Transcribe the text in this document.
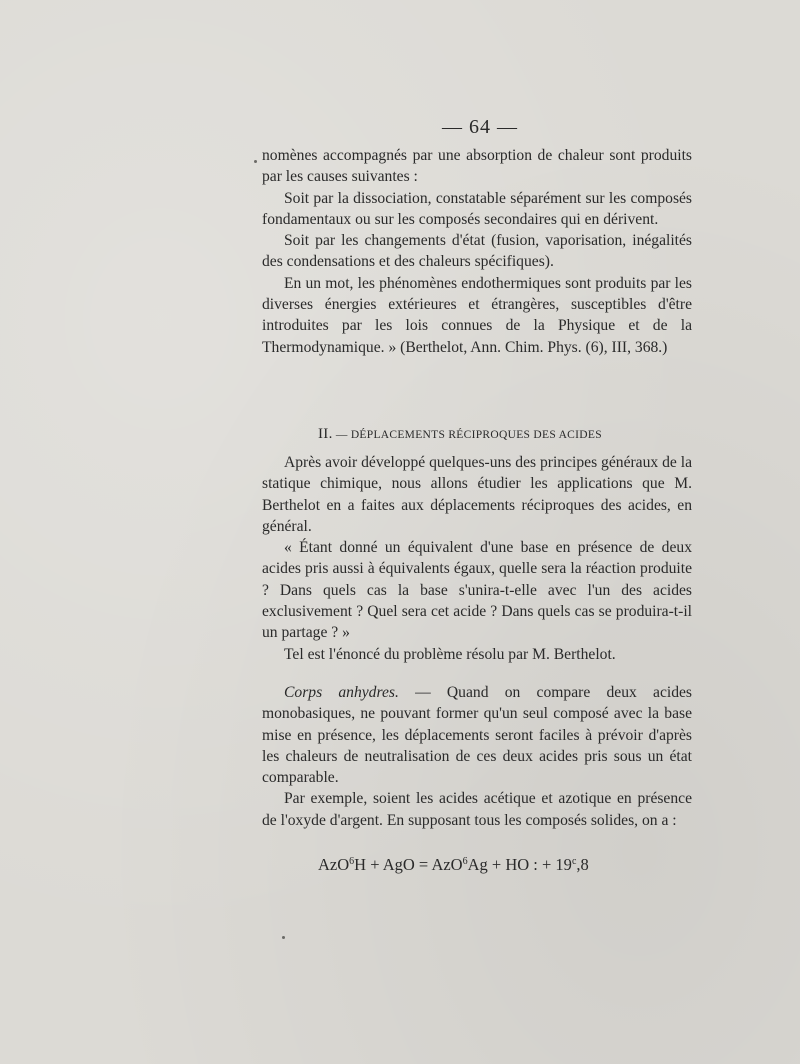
— 64 —

nomènes accompagnés par une absorption de chaleur sont produits par les causes suivantes :

Soit par la dissociation, constatable séparément sur les composés fondamentaux ou sur les composés secondaires qui en dérivent.

Soit par les changements d'état (fusion, vaporisation, inégalités des condensations et des chaleurs spécifiques).

En un mot, les phénomènes endothermiques sont produits par les diverses énergies extérieures et étrangères, susceptibles d'être introduites par les lois connues de la Physique et de la Thermodynamique. » (Berthelot, Ann. Chim. Phys. (6), III, 368.)

II. — DÉPLACEMENTS RÉCIPROQUES DES ACIDES

Après avoir développé quelques-uns des principes généraux de la statique chimique, nous allons étudier les applications que M. Berthelot en a faites aux déplacements réciproques des acides, en général.

« Étant donné un équivalent d'une base en présence de deux acides pris aussi à équivalents égaux, quelle sera la réaction produite ? Dans quels cas la base s'unira-t-elle avec l'un des acides exclusivement ? Quel sera cet acide ? Dans quels cas se produira-t-il un partage ? »

Tel est l'énoncé du problème résolu par M. Berthelot.

Corps anhydres. — Quand on compare deux acides monobasiques, ne pouvant former qu'un seul composé avec la base mise en présence, les déplacements seront faciles à prévoir d'après les chaleurs de neutralisation de ces deux acides pris sous un état comparable.

Par exemple, soient les acides acétique et azotique en présence de l'oxyde d'argent. En supposant tous les composés solides, on a :

AzO$^6$H + AgO = AzO$^6$Ag + HO : + $19^c,8$
